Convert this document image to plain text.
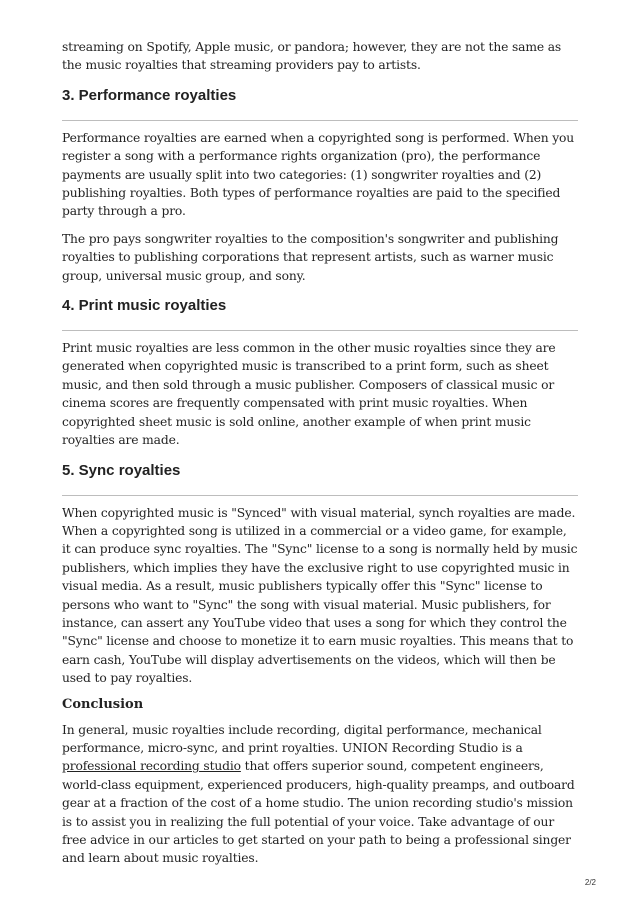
streaming on Spotify, Apple music, or pandora; however, they are not the same as the music royalties that streaming providers pay to artists.

3. Performance royalties

Performance royalties are earned when a copyrighted song is performed. When you register a song with a performance rights organization (pro), the performance payments are usually split into two categories: (1) songwriter royalties and (2) publishing royalties. Both types of performance royalties are paid to the specified party through a pro.

The pro pays songwriter royalties to the composition's songwriter and publishing royalties to publishing corporations that represent artists, such as warner music group, universal music group, and sony.

4. Print music royalties

Print music royalties are less common in the other music royalties since they are generated when copyrighted music is transcribed to a print form, such as sheet music, and then sold through a music publisher. Composers of classical music or cinema scores are frequently compensated with print music royalties. When copyrighted sheet music is sold online, another example of when print music royalties are made.

5. Sync royalties

When copyrighted music is "Synced" with visual material, synch royalties are made. When a copyrighted song is utilized in a commercial or a video game, for example, it can produce sync royalties. The "Sync" license to a song is normally held by music publishers, which implies they have the exclusive right to use copyrighted music in visual media. As a result, music publishers typically offer this "Sync" license to persons who want to "Sync" the song with visual material. Music publishers, for instance, can assert any YouTube video that uses a song for which they control the "Sync" license and choose to monetize it to earn music royalties. This means that to earn cash, YouTube will display advertisements on the videos, which will then be used to pay royalties.

Conclusion

In general, music royalties include recording, digital performance, mechanical performance, micro-sync, and print royalties. UNION Recording Studio is a professional recording studio that offers superior sound, competent engineers, world-class equipment, experienced producers, high-quality preamps, and outboard gear at a fraction of the cost of a home studio. The union recording studio's mission is to assist you in realizing the full potential of your voice. Take advantage of our free advice in our articles to get started on your path to being a professional singer and learn about music royalties.

2/2
